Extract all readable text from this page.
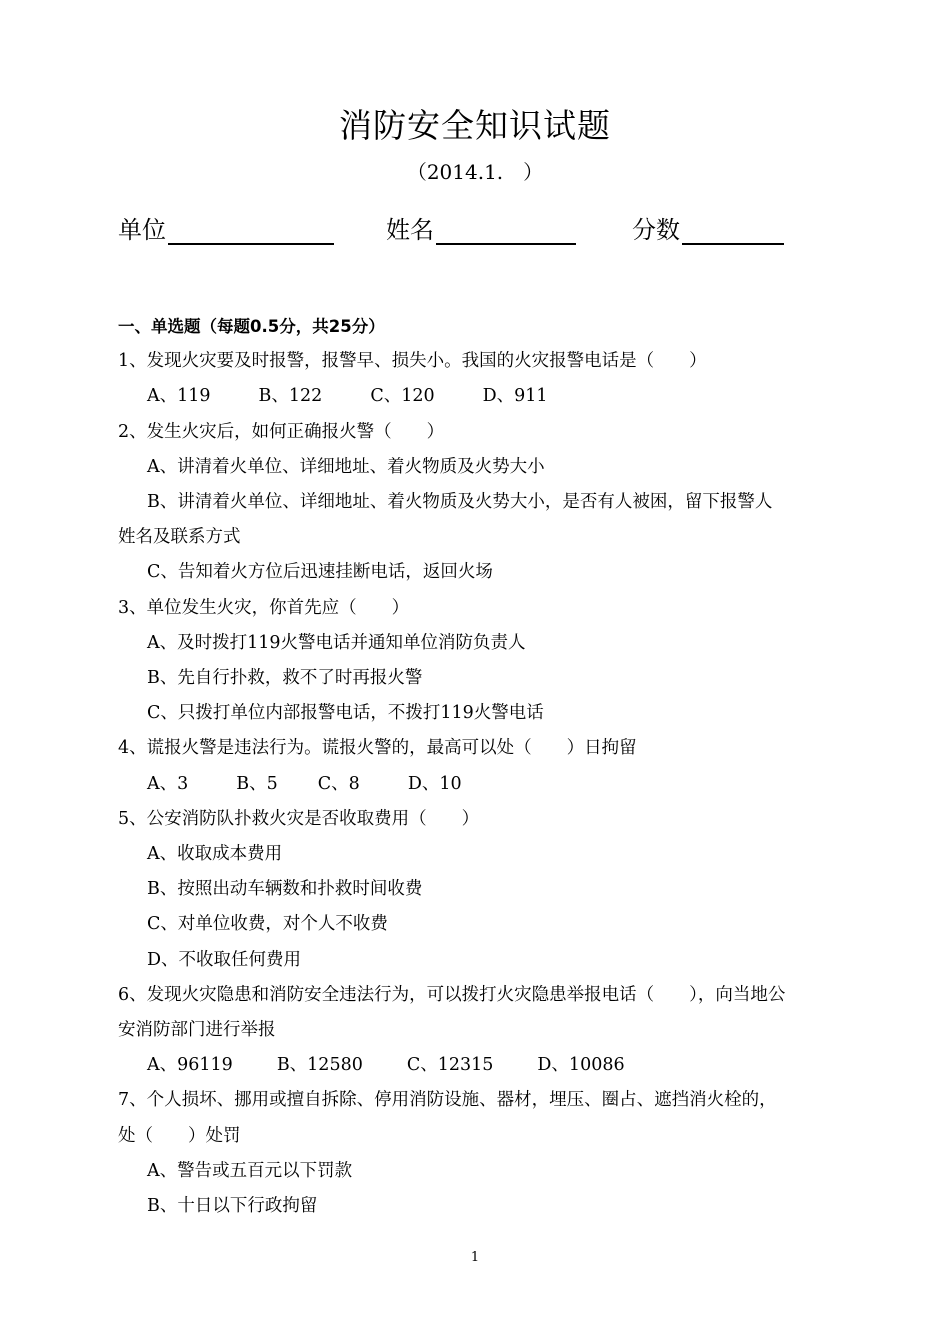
消防安全知识试题
（2014.1.　）
单位	姓名	分数
一、单选题（每题0.5分，共25分）
1、发现火灾要及时报警，报警早、损失小。我国的火灾报警电话是（　　）
A、119	B、122	C、120	D、911
2、发生火灾后，如何正确报火警（　　）
A、讲清着火单位、详细地址、着火物质及火势大小
B、讲清着火单位、详细地址、着火物质及火势大小，是否有人被困，留下报警人
姓名及联系方式
C、告知着火方位后迅速挂断电话，返回火场
3、单位发生火灾，你首先应（　　）
A、及时拨打119火警电话并通知单位消防负责人
B、先自行扑救，救不了时再报火警
C、只拨打单位内部报警电话，不拨打119火警电话
4、谎报火警是违法行为。谎报火警的，最高可以处（　　）日拘留
A、3	B、5 C、8	D、10
5、公安消防队扑救火灾是否收取费用（　　）
A、收取成本费用
B、按照出动车辆数和扑救时间收费
C、对单位收费，对个人不收费
D、不收取任何费用
6、发现火灾隐患和消防安全违法行为，可以拨打火灾隐患举报电话（　　），向当地公
安消防部门进行举报
A、96119	B、12580	C、12315	D、10086
7、个人损坏、挪用或擅自拆除、停用消防设施、器材，埋压、圈占、遮挡消火栓的，
处（　　）处罚
A、警告或五百元以下罚款
B、十日以下行政拘留
1
